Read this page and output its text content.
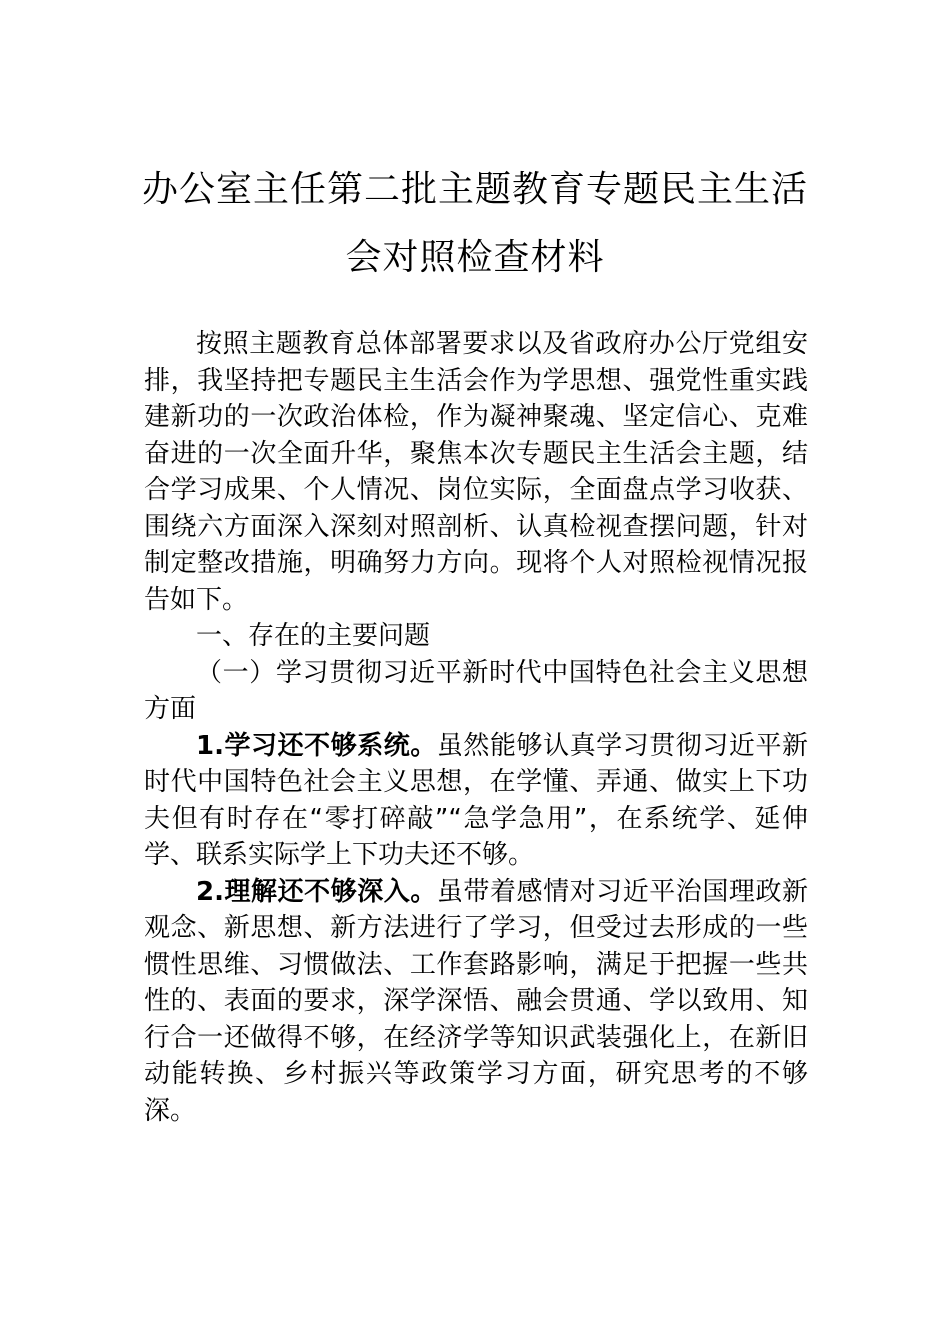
办公室主任第二批主题教育专题民主生活
会对照检查材料

按照主题教育总体部署要求以及省政府办公厅党组安排，我坚持把专题民主生活会作为学思想、强党性重实践建新功的一次政治体检，作为凝神聚魂、坚定信心、克难奋进的一次全面升华，聚焦本次专题民主生活会主题，结合学习成果、个人情况、岗位实际，全面盘点学习收获、围绕六方面深入深刻对照剖析、认真检视查摆问题，针对制定整改措施，明确努力方向。现将个人对照检视情况报告如下。

一、存在的主要问题

（一）学习贯彻习近平新时代中国特色社会主义思想方面

1.学习还不够系统。虽然能够认真学习贯彻习近平新时代中国特色社会主义思想，在学懂、弄通、做实上下功夫但有时存在“零打碎敲”“急学急用”，在系统学、延伸学、联系实际学上下功夫还不够。

2.理解还不够深入。虽带着感情对习近平治国理政新观念、新思想、新方法进行了学习，但受过去形成的一些惯性思维、习惯做法、工作套路影响，满足于把握一些共性的、表面的要求，深学深悟、融会贯通、学以致用、知行合一还做得不够，在经济学等知识武装强化上，在新旧动能转换、乡村振兴等政策学习方面，研究思考的不够深。
